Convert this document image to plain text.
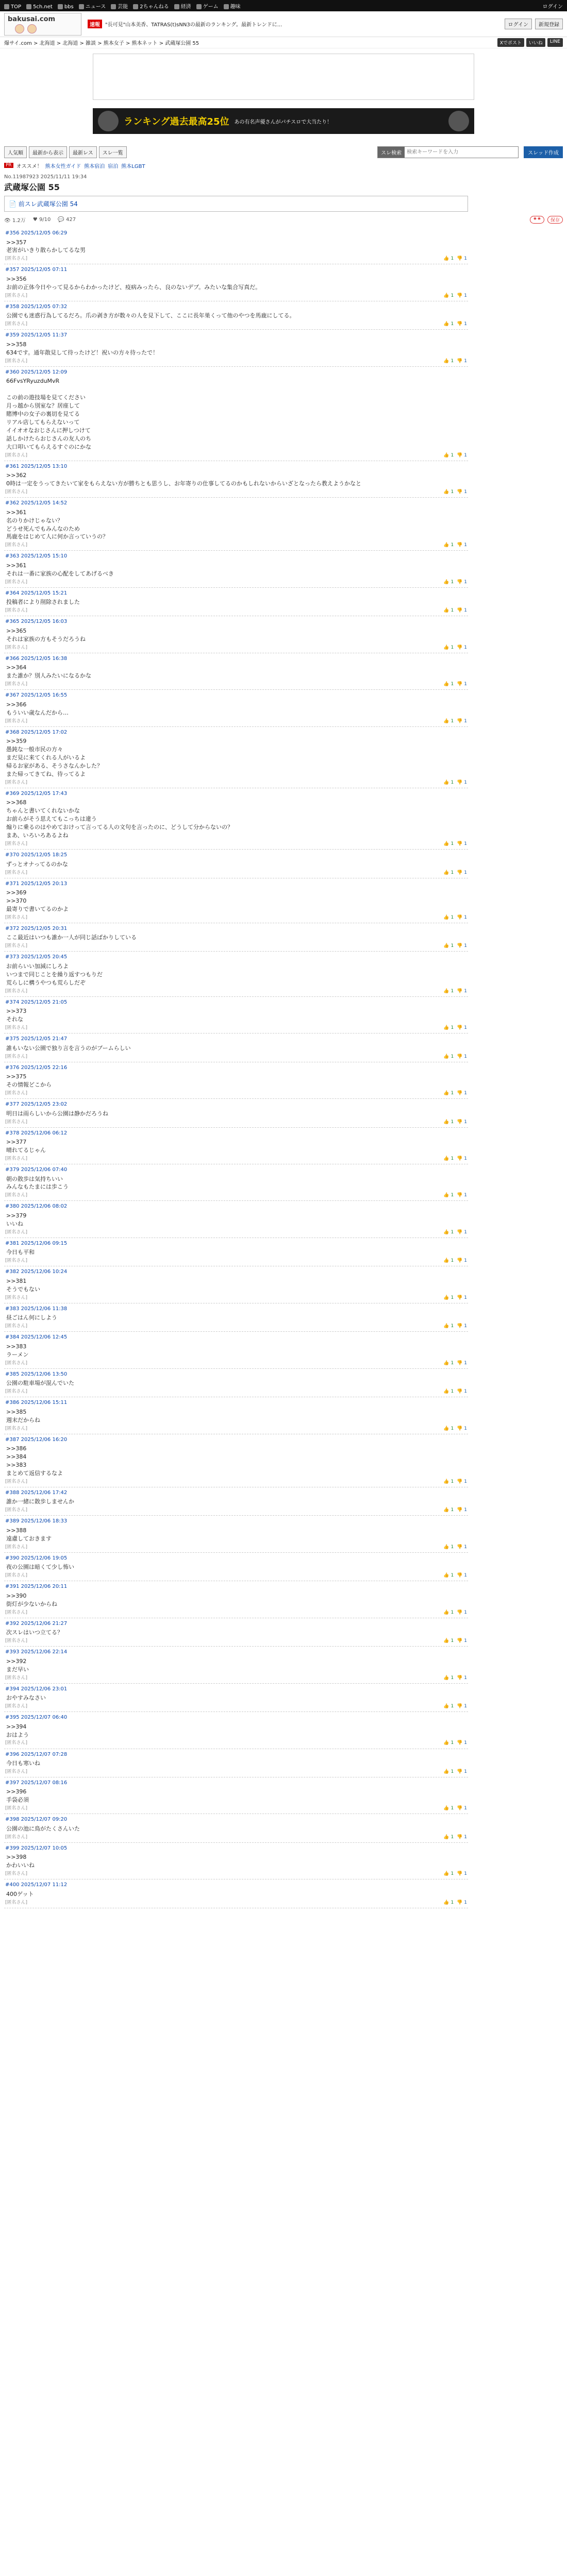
TOP 5ch.net bbs ニュース 芸能 2ちゃんねる 経済 ゲーム 趣味	ログイン
bakusai.com
速報	"長可見"山本美香、TATRAS(t)sNN3の最新のランキング。最新トレンドに...	ログイン	新規登録
爆サイ.com > 北海道 > 北海道 > 雑談 > 熊本女子 > 熊本ネット > 武蔵塚公園 55	Xでポスト	いいね	LINE
ランキング過去最高25位 あの有名声優さんがパチスロで大当たり！
人気順	最新から表示	最新レス	スレ一覧	スレ検索
検索キーワードを入力	スレッド作成
PR オススメ！ 熊本女性ガイド 熊本宿泊 宿泊 熊本LGBT
No.11987923 2025/11/11 19:34
武蔵塚公園 55
📄 前スレ武蔵塚公園 54
👁 1.2万 ♥ 9/10 💬 427	★★	保存
#356 2025/12/05 06:29
>>357
老害がいきり散らかしてるな男
[匿名さん]	👍 1 👎 1
#357 2025/12/05 07:11
>>356
お前の正体今日やって見るからわかったけど、疫病みったら、良のないデブ。みたいな集合写真だ。
[匿名さん]	👍 1 👎 1
#358 2025/12/05 07:32
公園でも迷惑行為してるだろ。爪の剥き方が数々の人を見下して、ここに長年巣くって他のやつを馬鹿にしてる。
[匿名さん]	👍 1 👎 1
#359 2025/12/05 11:37
>>358
634です。通年散見して待ったけど！祝いの方々待ったで！
[匿名さん]	👍 1 👎 1
#360 2025/12/05 12:09
66FvsYRyuzduMvR

この前の遊技場を見てください
月っ越から別室な？居座して
賭博中の女子の裏切を見てる
リアル店してもらえないって
イイオオなおじさんに押しつけて
話しかけたらおじさんの友人のち
大口叩いてもらえるすぐのにかな
[匿名さん]	👍 1 👎 1
#361 2025/12/05 13:10
>>362
0時は一定をうってきたいて家をもらえない方が勝ちとも思うし、お年寄りの仕事してるのかもしれないからいざとなったら教えようかなと
[匿名さん]	👍 1 👎 1
#362 2025/12/05 14:52
>>361
名のりかけじゃない？
どうせ死んでもみんなのため
馬鹿をはじめて人に何か言っていうの？
[匿名さん]	👍 1 👎 1
#363 2025/12/05 15:10
>>361
それは一番に家族の心配をしてあげるべき
[匿名さん]	👍 1 👎 1
#364 2025/12/05 15:21
投稿者により削除されました
[匿名さん]	👍 1 👎 1
#365 2025/12/05 16:03
>>365
それは家族の方もそうだろうね
[匿名さん]	👍 1 👎 1
#366 2025/12/05 16:38
>>364
また誰か？別人みたいになるかな
[匿名さん]	👍 1 👎 1
#367 2025/12/05 16:55
>>366
もういい歳なんだから…
[匿名さん]	👍 1 👎 1
#368 2025/12/05 17:02
>>359
愚鈍な一般市民の方々
まだ見に来てくれる人がいるよ
帰るお家がある、そうさなんかした？
また帰ってきてね、待ってるよ
[匿名さん]	👍 1 👎 1
#369 2025/12/05 17:43
>>368
ちゃんと書いてくれないかな
お前らがそう思えてもこっちは違う
煽りに乗るのはやめておけって言ってる人の文句を言ったのに、どうして分からないの？
まあ、いろいろあるよね
[匿名さん]	👍 1 👎 1
#370 2025/12/05 18:25
ずっとオナってるのかな
[匿名さん]	👍 1 👎 1
#371 2025/12/05 20:13
>>369
>>370
最寄りで書いてるのかよ
[匿名さん]	👍 1 👎 1
#372 2025/12/05 20:31
ここ最近はいつも誰か一人が同じ話ばかりしている
[匿名さん]	👍 1 👎 1
#373 2025/12/05 20:45
お前らいい加減にしろよ
いつまで同じことを繰り返すつもりだ
荒らしに構うやつも荒らしだぞ
[匿名さん]	👍 1 👎 1
#374 2025/12/05 21:05
>>373
それな
[匿名さん]	👍 1 👎 1
#375 2025/12/05 21:47
誰もいない公園で独り言を言うのがブームらしい
[匿名さん]	👍 1 👎 1
#376 2025/12/05 22:16
>>375
その情報どこから
[匿名さん]	👍 1 👎 1
#377 2025/12/05 23:02
明日は雨らしいから公園は静かだろうね
[匿名さん]	👍 1 👎 1
#378 2025/12/06 06:12
>>377
晴れてるじゃん
[匿名さん]	👍 1 👎 1
#379 2025/12/06 07:40
朝の散歩は気持ちいい
みんなもたまには歩こう
[匿名さん]	👍 1 👎 1
#380 2025/12/06 08:02
>>379
いいね
[匿名さん]	👍 1 👎 1
#381 2025/12/06 09:15
今日も平和
[匿名さん]	👍 1 👎 1
#382 2025/12/06 10:24
>>381
そうでもない
[匿名さん]	👍 1 👎 1
#383 2025/12/06 11:38
昼ごはん何にしよう
[匿名さん]	👍 1 👎 1
#384 2025/12/06 12:45
>>383
ラーメン
[匿名さん]	👍 1 👎 1
#385 2025/12/06 13:50
公園の駐車場が混んでいた
[匿名さん]	👍 1 👎 1
#386 2025/12/06 15:11
>>385
週末だからね
[匿名さん]	👍 1 👎 1
#387 2025/12/06 16:20
>>386
>>384
>>383
まとめて返信するなよ
[匿名さん]	👍 1 👎 1
#388 2025/12/06 17:42
誰か一緒に散歩しませんか
[匿名さん]	👍 1 👎 1
#389 2025/12/06 18:33
>>388
遠慮しておきます
[匿名さん]	👍 1 👎 1
#390 2025/12/06 19:05
夜の公園は暗くて少し怖い
[匿名さん]	👍 1 👎 1
#391 2025/12/06 20:11
>>390
街灯が少ないからね
[匿名さん]	👍 1 👎 1
#392 2025/12/06 21:27
次スレはいつ立てる？
[匿名さん]	👍 1 👎 1
#393 2025/12/06 22:14
>>392
まだ早い
[匿名さん]	👍 1 👎 1
#394 2025/12/06 23:01
おやすみなさい
[匿名さん]	👍 1 👎 1
#395 2025/12/07 06:40
>>394
おはよう
[匿名さん]	👍 1 👎 1
#396 2025/12/07 07:28
今日も寒いね
[匿名さん]	👍 1 👎 1
#397 2025/12/07 08:16
>>396
手袋必須
[匿名さん]	👍 1 👎 1
#398 2025/12/07 09:20
公園の池に鳥がたくさんいた
[匿名さん]	👍 1 👎 1
#399 2025/12/07 10:05
>>398
かわいいね
[匿名さん]	👍 1 👎 1
#400 2025/12/07 11:12
400ゲット
[匿名さん]	👍 1 👎 1
